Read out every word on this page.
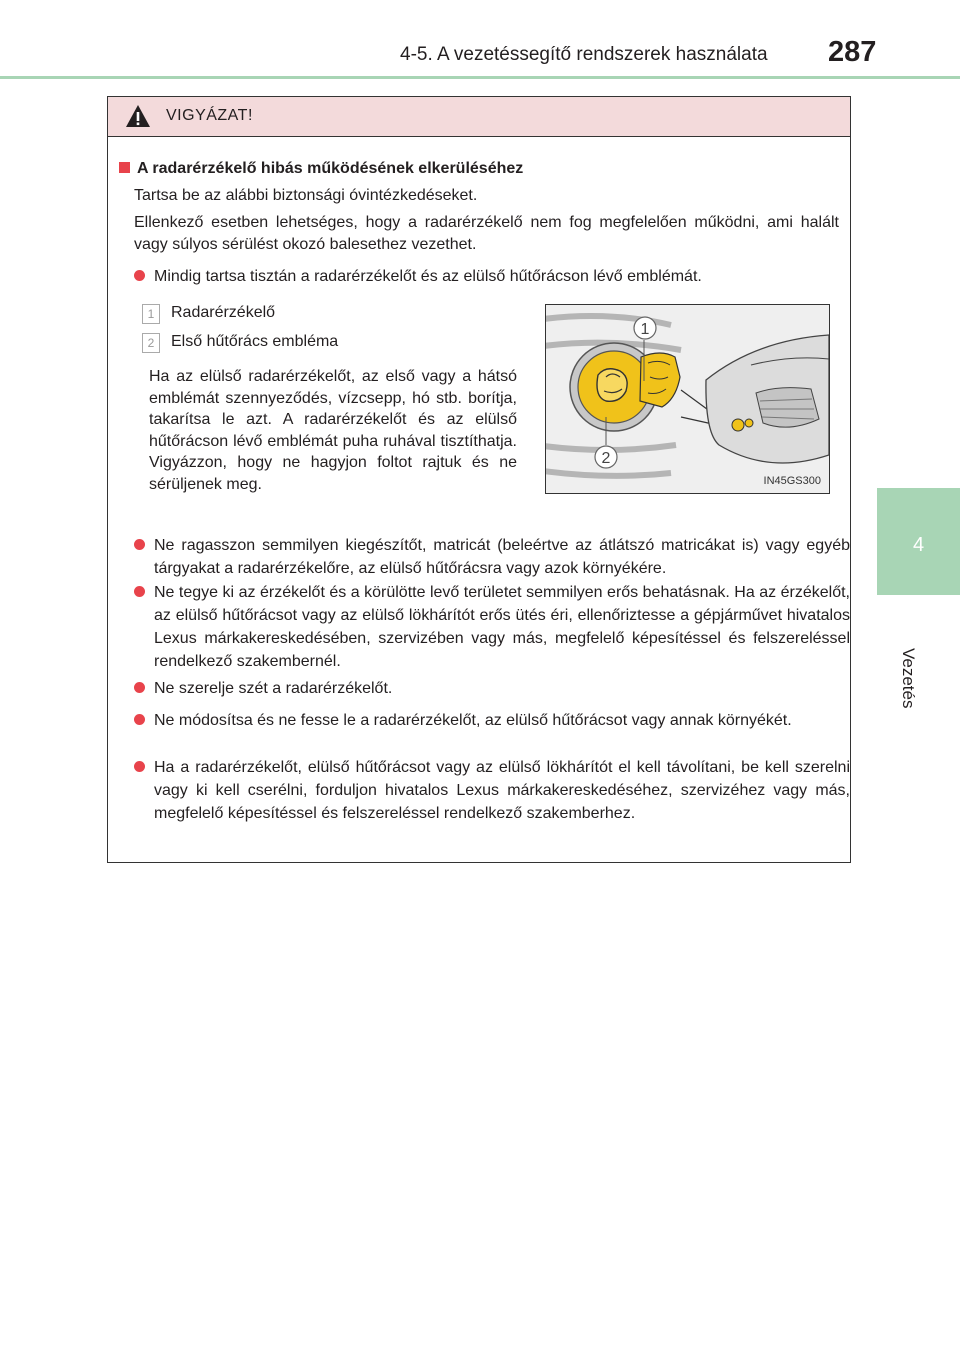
4-5. A vezetéssegítő rendszerek használata 287
4
Vezetés
VIGYÁZAT!
A radarérzékelő hibás működésének elkerüléséhez
Tartsa be az alábbi biztonsági óvintézkedéseket.
Ellenkező esetben lehetséges, hogy a radarérzékelő nem fog megfelelően működni, ami halált vagy súlyos sérülést okozó balesethez vezethet.
Mindig tartsa tisztán a radarérzékelőt és az elülső hűtőrácson lévő emblémát.
1	Radarérzékelő
2	Első hűtőrács embléma
Ha az elülső radarérzékelőt, az első vagy a hátsó emblémát szennyeződés, vízcsepp, hó stb. borítja, takarítsa le azt. A radarérzékelőt és az elülső hűtőrácson lévő emblémát puha ruhával tisztíthatja. Vigyázzon, hogy ne hagyjon foltot rajtuk és ne sérüljenek meg.
1
2
IN45GS300
Ne ragasszon semmilyen kiegészítőt, matricát (beleértve az átlátszó matricákat is) vagy egyéb tárgyakat a radarérzékelőre, az elülső hűtőrácsra vagy azok környékére.
Ne tegye ki az érzékelőt és a körülötte levő területet semmilyen erős behatásnak. Ha az érzékelőt, az elülső hűtőrácsot vagy az elülső lökhárítót erős ütés éri, ellenőriztesse a gépjárművet hivatalos Lexus márkakereskedésében, szervizében vagy más, megfelelő képesítéssel és felszereléssel rendelkező szakembernél.
Ne szerelje szét a radarérzékelőt.
Ne módosítsa és ne fesse le a radarérzékelőt, az elülső hűtőrácsot vagy annak környékét.
Ha a radarérzékelőt, elülső hűtőrácsot vagy az elülső lökhárítót el kell távolítani, be kell szerelni vagy ki kell cserélni, forduljon hivatalos Lexus márkakereskedéséhez, szervizéhez vagy más, megfelelő képesítéssel és felszereléssel rendelkező szakemberhez.
